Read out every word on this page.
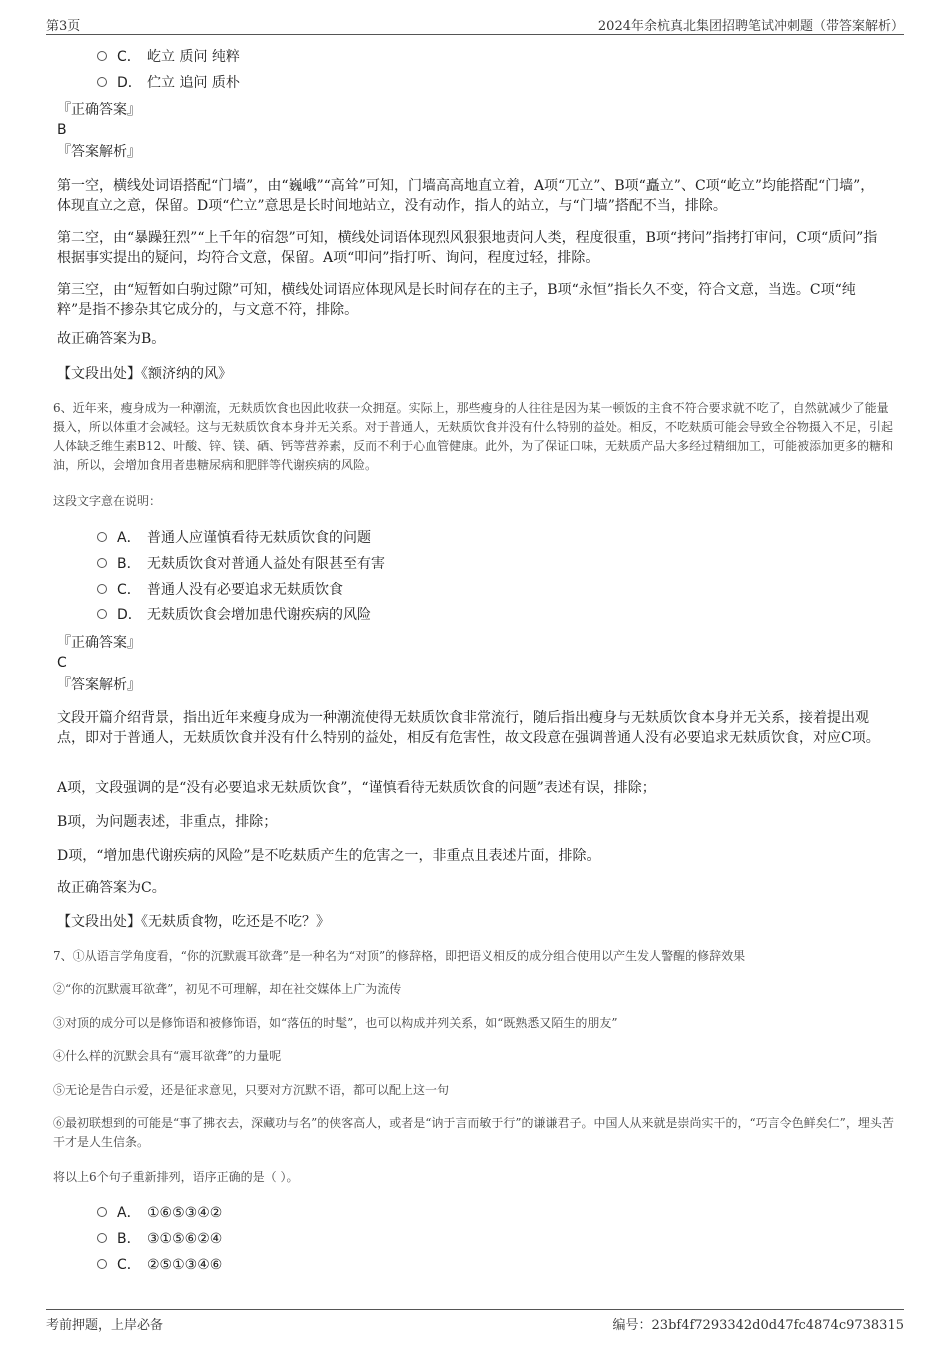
第3页	2024年余杭真北集团招聘笔试冲刺题（带答案解析）
C． 屹立 质问 纯粹
D． 伫立 追问 质朴
『正确答案』
B
『答案解析』
第一空，横线处词语搭配“门墙”，由“巍峨”“高耸”可知，门墙高高地直立着，A项“兀立”、B项“矗立”、C项“屹立”均能搭配“门墙”，体现直立之意，保留。D项“伫立”意思是长时间地站立，没有动作，指人的站立，与“门墙”搭配不当，排除。
第二空，由“暴躁狂烈”“上千年的宿怨”可知，横线处词语体现烈风狠狠地责问人类，程度很重，B项“拷问”指拷打审问，C项“质问”指根据事实提出的疑问，均符合文意，保留。A项“叩问”指打听、询问，程度过轻，排除。
第三空，由“短暂如白驹过隙”可知，横线处词语应体现风是长时间存在的主子，B项“永恒”指长久不变，符合文意，当选。C项“纯粹”是指不掺杂其它成分的，与文意不符，排除。
故正确答案为B。
【文段出处】《额济纳的风》
6、近年来，瘦身成为一种潮流，无麸质饮食也因此收获一众拥趸。实际上，那些瘦身的人往往是因为某一顿饭的主食不符合要求就不吃了，自然就减少了能量摄入，所以体重才会减轻。这与无麸质饮食本身并无关系。对于普通人，无麸质饮食并没有什么特别的益处。相反，不吃麸质可能会导致全谷物摄入不足，引起人体缺乏维生素B12、叶酸、锌、镁、硒、钙等营养素，反而不利于心血管健康。此外，为了保证口味，无麸质产品大多经过精细加工，可能被添加更多的糖和油，所以，会增加食用者患糖尿病和肥胖等代谢疾病的风险。
这段文字意在说明：
A． 普通人应谨慎看待无麸质饮食的问题
B． 无麸质饮食对普通人益处有限甚至有害
C． 普通人没有必要追求无麸质饮食
D． 无麸质饮食会增加患代谢疾病的风险
『正确答案』
C
『答案解析』
文段开篇介绍背景，指出近年来瘦身成为一种潮流使得无麸质饮食非常流行，随后指出瘦身与无麸质饮食本身并无关系，接着提出观点，即对于普通人，无麸质饮食并没有什么特别的益处，相反有危害性，故文段意在强调普通人没有必要追求无麸质饮食，对应C项。
A项，文段强调的是“没有必要追求无麸质饮食”，“谨慎看待无麸质饮食的问题”表述有误，排除；
B项，为问题表述，非重点，排除；
D项，“增加患代谢疾病的风险”是不吃麸质产生的危害之一，非重点且表述片面，排除。
故正确答案为C。
【文段出处】《无麸质食物，吃还是不吃？》
7、①从语言学角度看，“你的沉默震耳欲聋”是一种名为“对顶”的修辞格，即把语义相反的成分组合使用以产生发人警醒的修辞效果
②“你的沉默震耳欲聋”，初见不可理解，却在社交媒体上广为流传
③对顶的成分可以是修饰语和被修饰语，如“落伍的时髦”，也可以构成并列关系，如“既熟悉又陌生的朋友”
④什么样的沉默会具有“震耳欲聋”的力量呢
⑤无论是告白示爱，还是征求意见，只要对方沉默不语，都可以配上这一句
⑥最初联想到的可能是“事了拂衣去，深藏功与名”的侠客高人，或者是“讷于言而敏于行”的谦谦君子。中国人从来就是崇尚实干的，“巧言令色鲜矣仁”，埋头苦干才是人生信条。
将以上6个句子重新排列，语序正确的是（ ）。
A． ①⑥⑤③④②
B． ③①⑤⑥②④
C． ②⑤①③④⑥
考前押题，上岸必备	编号：23bf4f7293342d0d47fc4874c9738315
